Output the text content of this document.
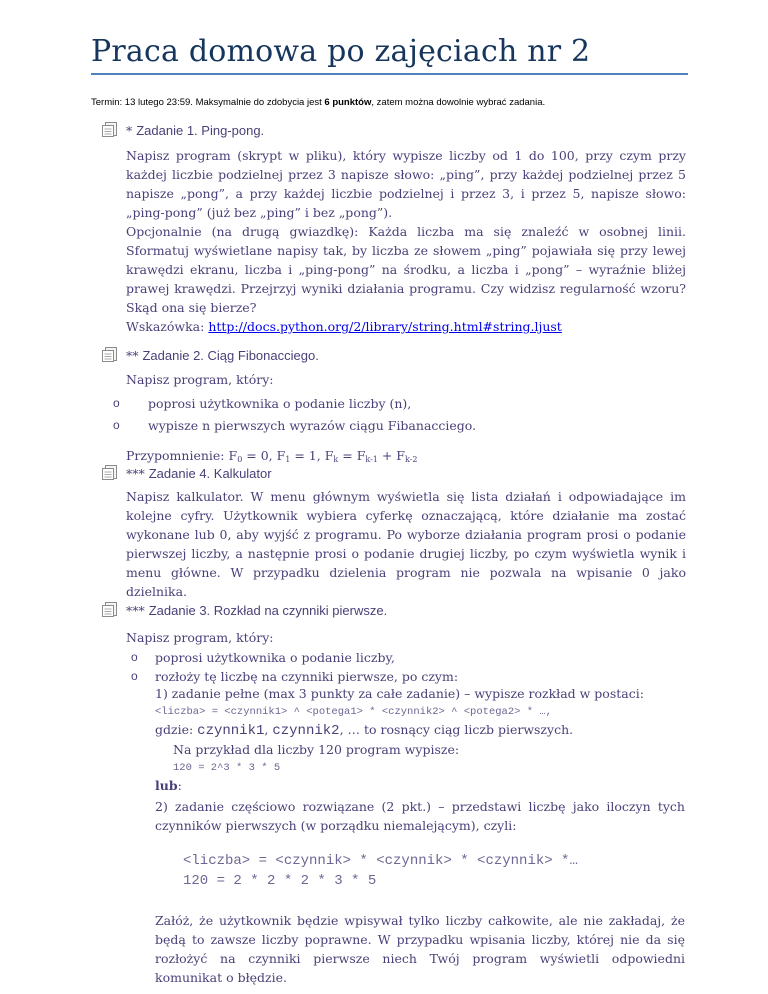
Praca domowa po zajęciach nr 2
Termin: 13 lutego 23:59. Maksymalnie do zdobycia jest 6 punktów, zatem można dowolnie wybrać zadania.
* Zadanie 1. Ping-pong.
Napisz program (skrypt w pliku), który wypisze liczby od 1 do 100, przy czym przy każdej liczbie podzielnej przez 3 napisze słowo: „ping”, przy każdej podzielnej przez 5 napisze „pong”, a przy każdej liczbie podzielnej i przez 3, i przez 5, napisze słowo: „ping-pong” (już bez „ping” i bez „pong”).
Opcjonalnie (na drugą gwiazdkę): Każda liczba ma się znaleźć w osobnej linii. Sformatuj wyświetlane napisy tak, by liczba ze słowem „ping” pojawiała się przy lewej krawędzi ekranu, liczba i „ping-pong” na środku, a liczba i „pong” – wyraźnie bliżej prawej krawędzi. Przejrzyj wyniki działania programu. Czy widzisz regularność wzoru? Skąd ona się bierze?
Wskazówka: http://docs.python.org/2/library/string.html#string.ljust
** Zadanie 2. Ciąg Fibonacciego.
Napisz program, który:
o poprosi użytkownika o podanie liczby (n),
o wypisze n pierwszych wyrazów ciągu Fibanacciego.
Przypomnienie: $F_0 = 0$, $F_1 = 1$, $F_k = F_{k-1} + F_{k-2}$
*** Zadanie 4. Kalkulator
Napisz kalkulator. W menu głównym wyświetla się lista działań i odpowiadające im kolejne cyfry. Użytkownik wybiera cyferkę oznaczającą, które działanie ma zostać wykonane lub 0, aby wyjść z programu. Po wyborze działania program prosi o podanie pierwszej liczby, a następnie prosi o podanie drugiej liczby, po czym wyświetla wynik i menu główne. W przypadku dzielenia program nie pozwala na wpisanie 0 jako dzielnika.
*** Zadanie 3. Rozkład na czynniki pierwsze.
Napisz program, który:
o poprosi użytkownika o podanie liczby,
o rozłoży tę liczbę na czynniki pierwsze, po czym:
1) zadanie pełne (max 3 punkty za całe zadanie) – wypisze rozkład w postaci:
<liczba> = <czynnik1> ^ <potega1> * <czynnik2> ^ <potega2> * …,
gdzie: czynnik1, czynnik2, … to rosnący ciąg liczb pierwszych.
Na przykład dla liczby 120 program wypisze:
120 = 2^3 * 3 * 5
lub:
2) zadanie częściowo rozwiązane (2 pkt.) – przedstawi liczbę jako iloczyn tych czynników pierwszych (w porządku niemalejącym), czyli:
<liczba> = <czynnik> * <czynnik> * <czynnik> *…
120 = 2 * 2 * 2 * 3 * 5
Załóż, że użytkownik będzie wpisywał tylko liczby całkowite, ale nie zakładaj, że będą to zawsze liczby poprawne. W przypadku wpisania liczby, której nie da się rozłożyć na czynniki pierwsze niech Twój program wyświetli odpowiedni komunikat o błędzie.
